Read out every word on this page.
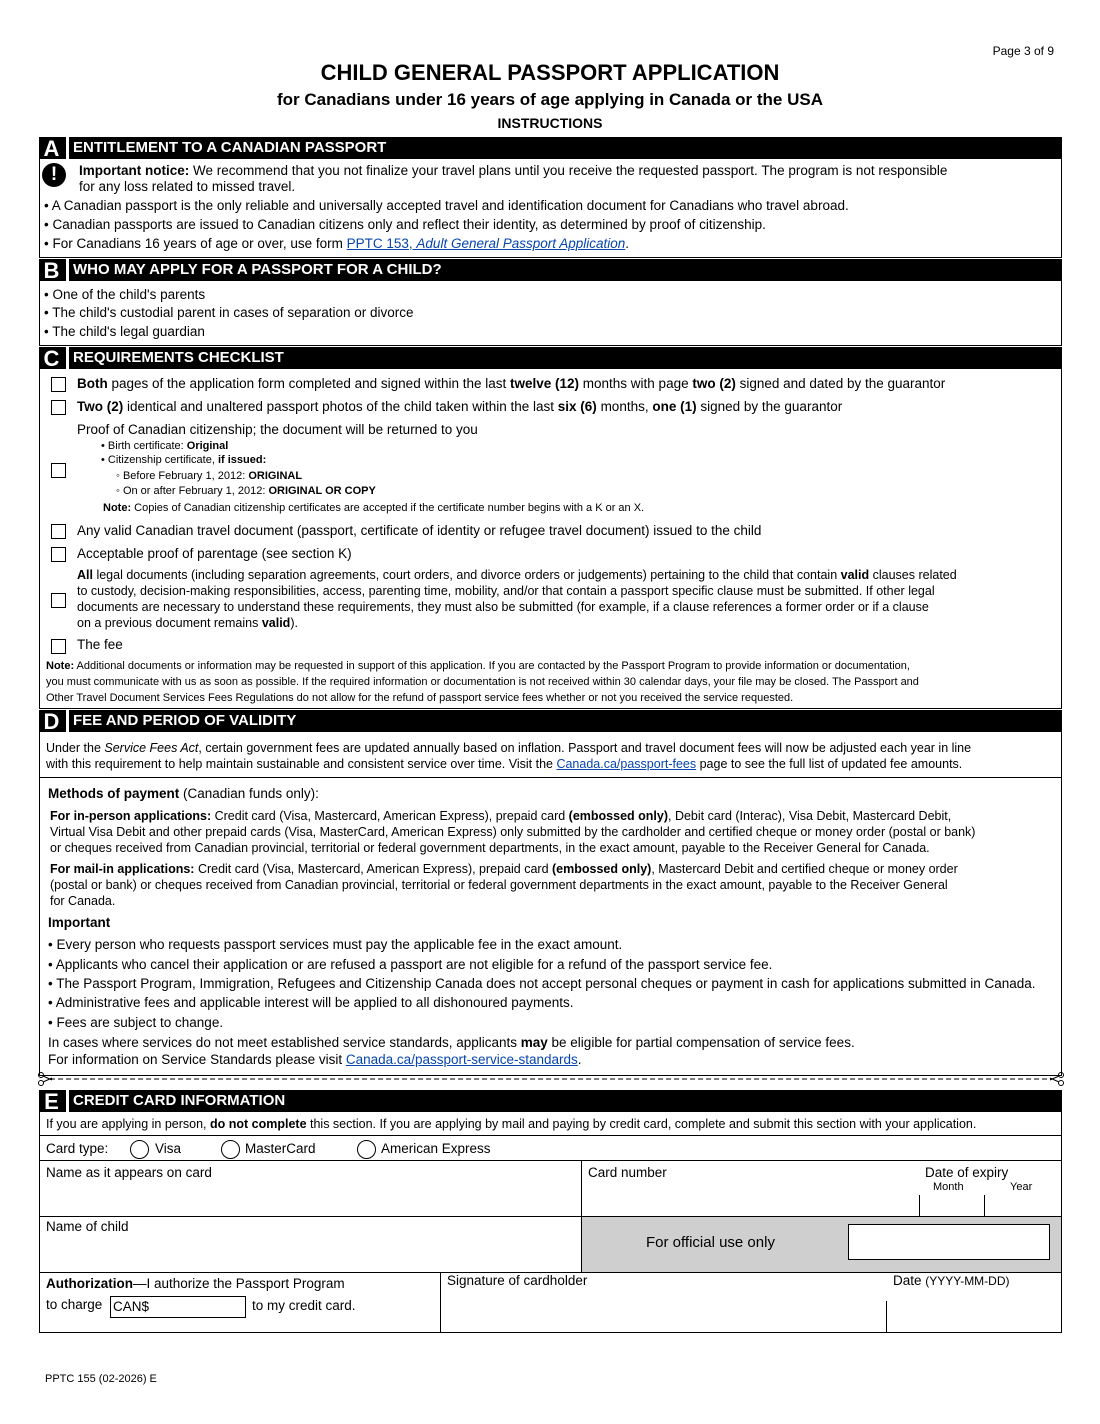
Page 3 of 9
CHILD GENERAL PASSPORT APPLICATION
for Canadians under 16 years of age applying in Canada or the USA
INSTRUCTIONS
A ENTITLEMENT TO A CANADIAN PASSPORT
!	Important notice: We recommend that you not finalize your travel plans until you receive the requested passport. The program is not responsible
for any loss related to missed travel.
• A Canadian passport is the only reliable and universally accepted travel and identification document for Canadians who travel abroad.
• Canadian passports are issued to Canadian citizens only and reflect their identity, as determined by proof of citizenship.
• For Canadians 16 years of age or over, use form PPTC 153, Adult General Passport Application.
B WHO MAY APPLY FOR A PASSPORT FOR A CHILD?
• One of the child's parents
• The child's custodial parent in cases of separation or divorce
• The child's legal guardian
C REQUIREMENTS CHECKLIST
Both pages of the application form completed and signed within the last twelve (12) months with page two (2) signed and dated by the guarantor
Two (2) identical and unaltered passport photos of the child taken within the last six (6) months, one (1) signed by the guarantor
Proof of Canadian citizenship; the document will be returned to you
• Birth certificate: Original
• Citizenship certificate, if issued:
◦ Before February 1, 2012: ORIGINAL
◦ On or after February 1, 2012: ORIGINAL OR COPY
Note: Copies of Canadian citizenship certificates are accepted if the certificate number begins with a K or an X.
Any valid Canadian travel document (passport, certificate of identity or refugee travel document) issued to the child
Acceptable proof of parentage (see section K)
All legal documents (including separation agreements, court orders, and divorce orders or judgements) pertaining to the child that contain valid clauses related
to custody, decision-making responsibilities, access, parenting time, mobility, and/or that contain a passport specific clause must be submitted. If other legal
documents are necessary to understand these requirements, they must also be submitted (for example, if a clause references a former order or if a clause
on a previous document remains valid).
The fee
Note: Additional documents or information may be requested in support of this application. If you are contacted by the Passport Program to provide information or documentation,
you must communicate with us as soon as possible. If the required information or documentation is not received within 30 calendar days, your file may be closed. The Passport and
Other Travel Document Services Fees Regulations do not allow for the refund of passport service fees whether or not you received the service requested.
D FEE AND PERIOD OF VALIDITY
Under the Service Fees Act, certain government fees are updated annually based on inflation. Passport and travel document fees will now be adjusted each year in line
with this requirement to help maintain sustainable and consistent service over time. Visit the Canada.ca/passport-fees page to see the full list of updated fee amounts.
Methods of payment (Canadian funds only):
For in-person applications: Credit card (Visa, Mastercard, American Express), prepaid card (embossed only), Debit card (Interac), Visa Debit, Mastercard Debit,
Virtual Visa Debit and other prepaid cards (Visa, MasterCard, American Express) only submitted by the cardholder and certified cheque or money order (postal or bank)
or cheques received from Canadian provincial, territorial or federal government departments, in the exact amount, payable to the Receiver General for Canada.
For mail-in applications: Credit card (Visa, Mastercard, American Express), prepaid card (embossed only), Mastercard Debit and certified cheque or money order
(postal or bank) or cheques received from Canadian provincial, territorial or federal government departments in the exact amount, payable to the Receiver General
for Canada.
Important
• Every person who requests passport services must pay the applicable fee in the exact amount.
• Applicants who cancel their application or are refused a passport are not eligible for a refund of the passport service fee.
• The Passport Program, Immigration, Refugees and Citizenship Canada does not accept personal cheques or payment in cash for applications submitted in Canada.
• Administrative fees and applicable interest will be applied to all dishonoured payments.
• Fees are subject to change.
In cases where services do not meet established service standards, applicants may be eligible for partial compensation of service fees.
For information on Service Standards please visit Canada.ca/passport-service-standards.
E CREDIT CARD INFORMATION
If you are applying in person, do not complete this section. If you are applying by mail and paying by credit card, complete and submit this section with your application.
Card type:	Visa	MasterCard	American Express
Name as it appears on card	Card number	Date of expiry
Month	Year
Name of child
For official use only
Authorization—I authorize the Passport Program
to charge CAN$	to my credit card.
Signature of cardholder	Date (YYYY-MM-DD)
PPTC 155 (02-2026) E
